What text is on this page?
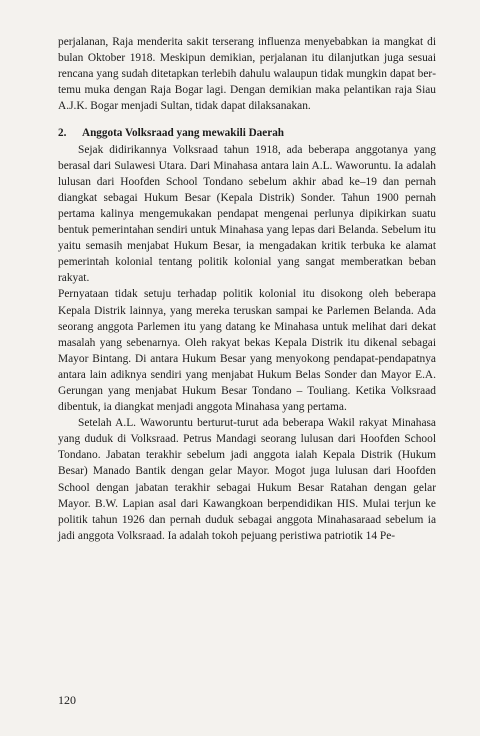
perjalanan, Raja menderita sakit terserang influenza menyebabkan ia mangkat di bulan Oktober 1918. Meskipun demikian, perjalanan itu dilanjutkan juga sesuai rencana yang sudah ditetapkan terlebih dahulu walaupun tidak mungkin dapat bertemu muka dengan Raja Bogar lagi. Dengan demikian maka pelantikan raja Siau A.J.K. Bogar menjadi Sultan, tidak dapat dilaksanakan.

2. Anggota Volksraad yang mewakili Daerah

Sejak didirikannya Volksraad tahun 1918, ada beberapa anggotanya yang berasal dari Sulawesi Utara. Dari Minahasa antara lain A.L. Waworuntu. Ia adalah lulusan dari Hoofden School Tondano sebelum akhir abad ke–19 dan pernah diangkat sebagai Hukum Besar (Kepala Distrik) Sonder. Tahun 1900 pernah pertama kalinya mengemukakan pendapat mengenai perlunya dipikirkan suatu bentuk pemerintahan sendiri untuk Minahasa yang lepas dari Belanda. Sebelum itu yaitu semasih menjabat Hukum Besar, ia mengadakan kritik terbuka ke alamat pemerintah kolonial tentang politik kolonial yang sangat memberatkan beban rakyat.

Pernyataan tidak setuju terhadap politik kolonial itu disokong oleh beberapa Kepala Distrik lainnya, yang mereka teruskan sampai ke Parlemen Belanda. Ada seorang anggota Parlemen itu yang datang ke Minahasa untuk melihat dari dekat masalah yang sebenarnya. Oleh rakyat bekas Kepala Distrik itu dikenal sebagai Mayor Bintang. Di antara Hukum Besar yang menyokong pendapat-pendapatnya antara lain adiknya sendiri yang menjabat Hukum Belas Sonder dan Mayor E.A. Gerungan yang menjabat Hukum Besar Tondano – Touliang. Ketika Volksraad dibentuk, ia diangkat menjadi anggota Minahasa yang pertama.

Setelah A.L. Waworuntu berturut-turut ada beberapa Wakil rakyat Minahasa yang duduk di Volksraad. Petrus Mandagi seorang lulusan dari Hoofden School Tondano. Jabatan terakhir sebelum jadi anggota ialah Kepala Distrik (Hukum Besar) Manado Bantik dengan gelar Mayor. Mogot juga lulusan dari Hoofden School dengan jabatan terakhir sebagai Hukum Besar Ratahan dengan gelar Mayor. B.W. Lapian asal dari Kawangkoan berpendidikan HIS. Mulai terjun ke politik tahun 1926 dan pernah duduk sebagai anggota Minahasaraad sebelum ia jadi anggota Volksraad. Ia adalah tokoh pejuang peristiwa patriotik 14 Pe-

120
